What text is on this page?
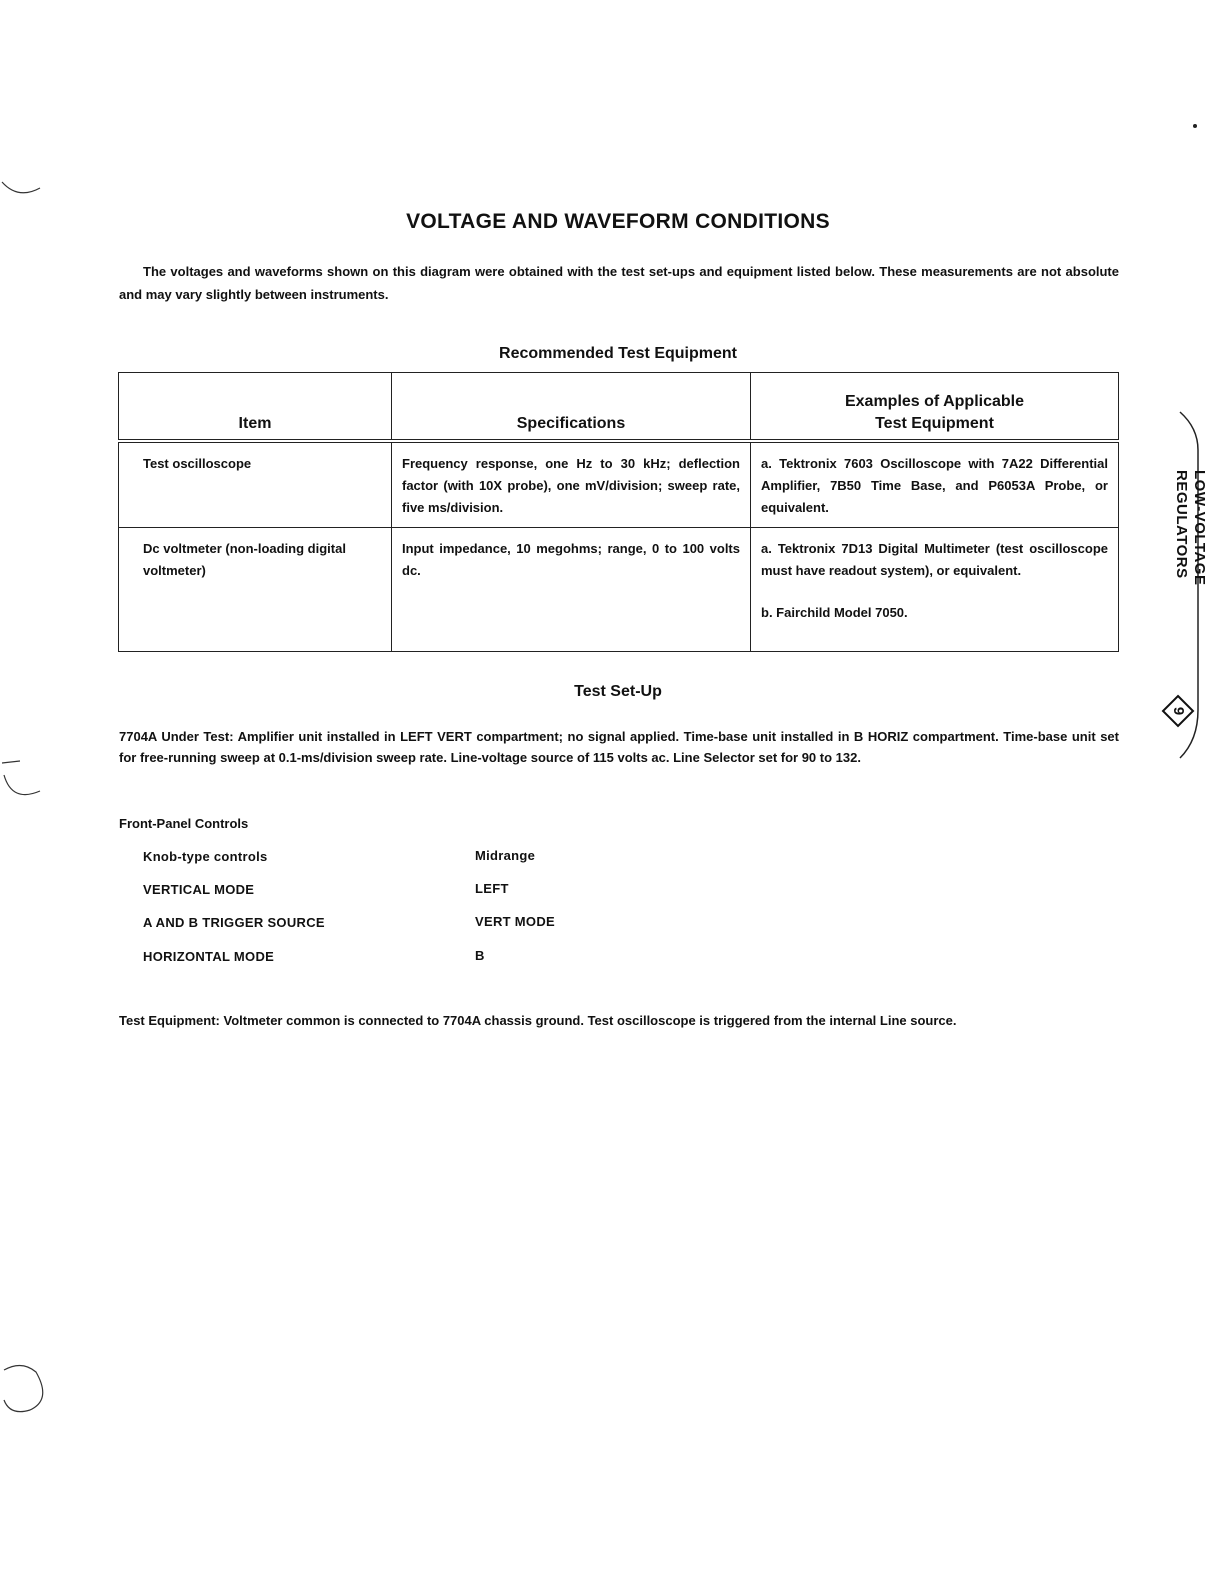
VOLTAGE AND WAVEFORM CONDITIONS
The voltages and waveforms shown on this diagram were obtained with the test set-ups and equipment listed below. These measurements are not absolute and may vary slightly between instruments.
Recommended Test Equipment
Item	Specifications	Examples of Applicable
Test Equipment

Test oscilloscope	Frequency response, one Hz to 30 kHz; deflection factor (with 10X probe), one mV/division; sweep rate, five ms/division.	a. Tektronix 7603 Oscilloscope with 7A22 Differential Amplifier, 7B50 Time Base, and P6053A Probe, or equivalent.

Dc voltmeter (non-loading digital voltmeter)	Input impedance, 10 megohms; range, 0 to 100 volts dc.	a. Tektronix 7D13 Digital Multimeter (test oscilloscope must have readout system), or equivalent.

b. Fairchild Model 7050.

Test Set-Up
7704A Under Test: Amplifier unit installed in LEFT VERT compartment; no signal applied. Time-base unit installed in B HORIZ compartment. Time-base unit set for free-running sweep at 0.1-ms/division sweep rate. Line-voltage source of 115 volts ac. Line Selector set for 90 to 132.
Front-Panel Controls
Knob-type controls	Midrange
VERTICAL MODE	LEFT
A AND B TRIGGER SOURCE	VERT MODE
HORIZONTAL MODE	B
Test Equipment: Voltmeter common is connected to 7704A chassis ground. Test oscilloscope is triggered from the internal Line source.
LOW-VOLTAGE
REGULATORS
9
